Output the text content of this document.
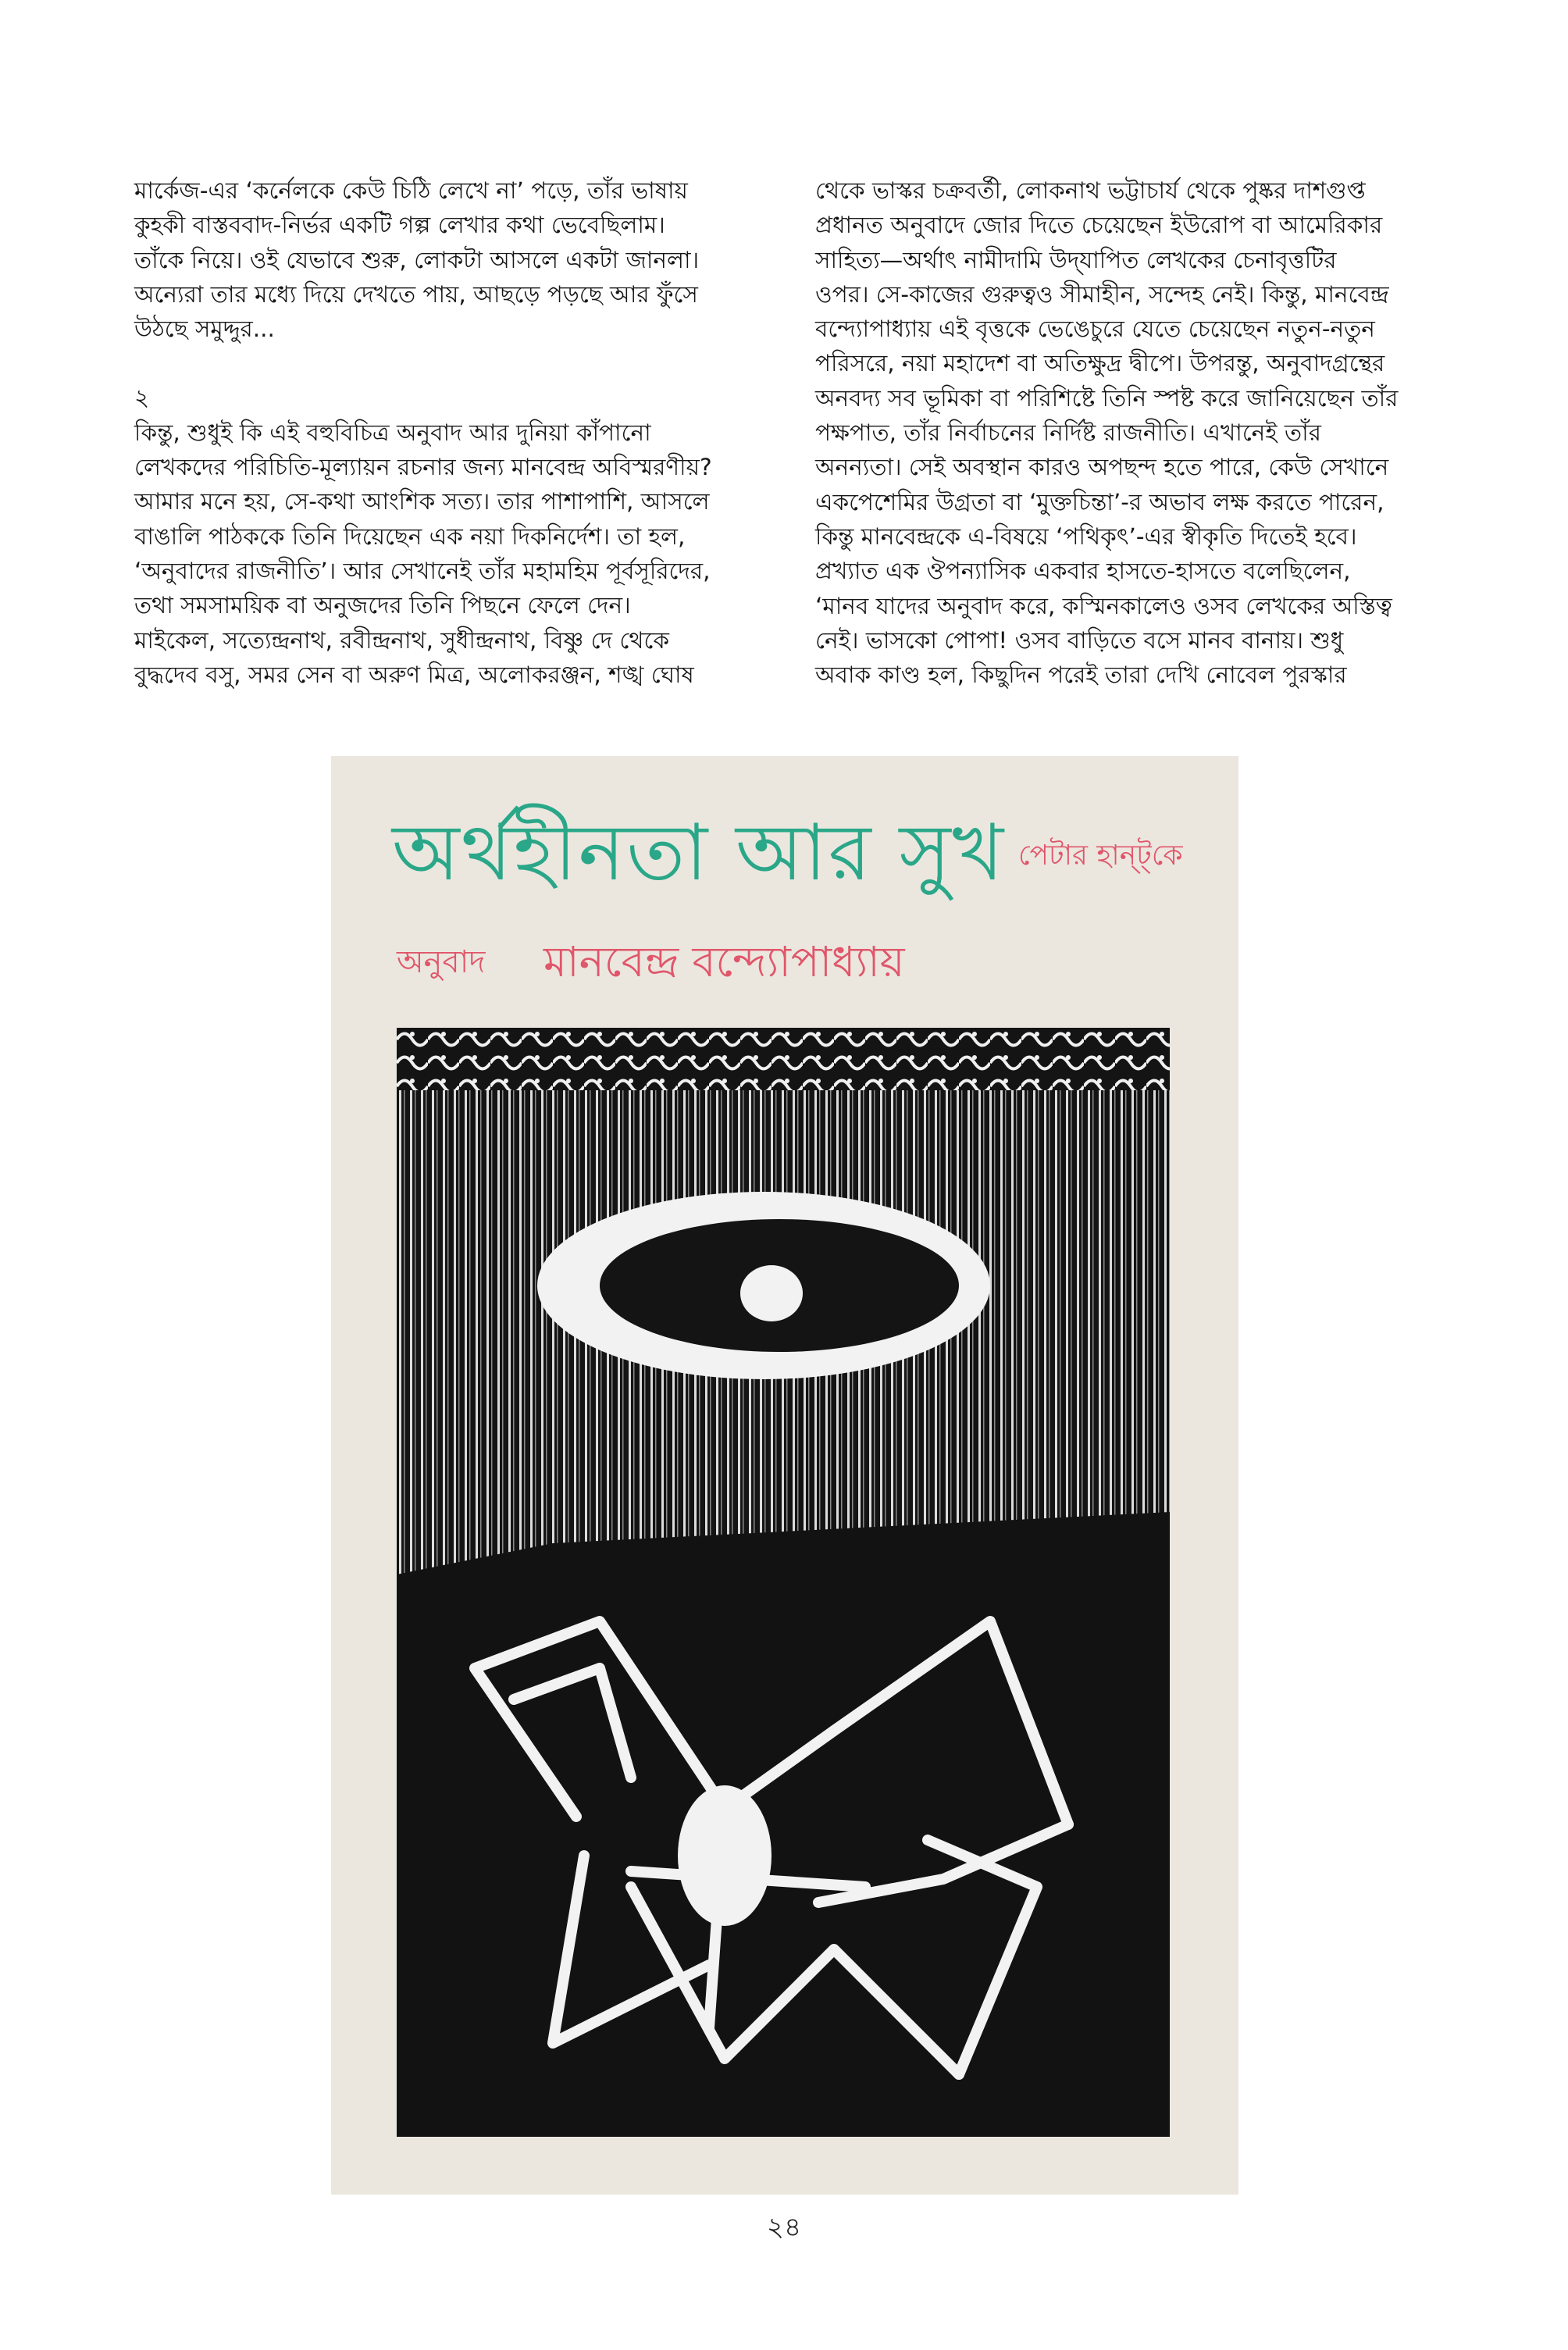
মার্কেজ-এর ‘কর্নেলকে কেউ চিঠি লেখে না’ পড়ে, তাঁর ভাষায়
কুহকী বাস্তববাদ-নির্ভর একটি গল্প লেখার কথা ভেবেছিলাম।
তাঁকে নিয়ে। ওই যেভাবে শুরু, লোকটা আসলে একটা জানলা।
অন্যেরা তার মধ্যে দিয়ে দেখতে পায়, আছড়ে পড়ছে আর ফুঁসে
উঠছে সমুদ্দুর...

২

কিন্তু, শুধুই কি এই বহুবিচিত্র অনুবাদ আর দুনিয়া কাঁপানো
লেখকদের পরিচিতি-মূল্যায়ন রচনার জন্য মানবেন্দ্র অবিস্মরণীয়?
আমার মনে হয়, সে-কথা আংশিক সত্য। তার পাশাপাশি, আসলে
বাঙালি পাঠককে তিনি দিয়েছেন এক নয়া দিকনির্দেশ। তা হল,
‘অনুবাদের রাজনীতি’। আর সেখানেই তাঁর মহামহিম পূর্বসূরিদের,
তথা সমসাময়িক বা অনুজদের তিনি পিছনে ফেলে দেন।
মাইকেল, সত্যেন্দ্রনাথ, রবীন্দ্রনাথ, সুধীন্দ্রনাথ, বিষ্ণু দে থেকে
বুদ্ধদেব বসু, সমর সেন বা অরুণ মিত্র, অলোকরঞ্জন, শঙ্খ ঘোষ

থেকে ভাস্কর চক্রবর্তী, লোকনাথ ভট্টাচার্য থেকে পুষ্কর দাশগুপ্ত
প্রধানত অনুবাদে জোর দিতে চেয়েছেন ইউরোপ বা আমেরিকার
সাহিত্য—অর্থাৎ নামীদামি উদ্‌যাপিত লেখকের চেনাবৃত্তটির
ওপর। সে-কাজের গুরুত্বও সীমাহীন, সন্দেহ নেই। কিন্তু, মানবেন্দ্র
বন্দ্যোপাধ্যায় এই বৃত্তকে ভেঙেচুরে যেতে চেয়েছেন নতুন-নতুন
পরিসরে, নয়া মহাদেশ বা অতিক্ষুদ্র দ্বীপে। উপরন্তু, অনুবাদগ্রন্থের
অনবদ্য সব ভূমিকা বা পরিশিষ্টে তিনি স্পষ্ট করে জানিয়েছেন তাঁর
পক্ষপাত, তাঁর নির্বাচনের নির্দিষ্ট রাজনীতি। এখানেই তাঁর
অনন্যতা। সেই অবস্থান কারও অপছন্দ হতে পারে, কেউ সেখানে
একপেশেমির উগ্রতা বা ‘মুক্তচিন্তা’-র অভাব লক্ষ করতে পারেন,
কিন্তু মানবেন্দ্রকে এ-বিষয়ে ‘পথিকৃৎ’-এর স্বীকৃতি দিতেই হবে।
প্রখ্যাত এক ঔপন্যাসিক একবার হাসতে-হাসতে বলেছিলেন,
‘মানব যাদের অনুবাদ করে, কস্মিনকালেও ওসব লেখকের অস্তিত্ব
নেই। ভাসকো পোপা! ওসব বাড়িতে বসে মানব বানায়। শুধু
অবাক কাণ্ড হল, কিছুদিন পরেই তারা দেখি নোবেল পুরস্কার

অর্থহীনতা আর সুখ পেটার হান্ট্‌কে
অনুবাদ মানবেন্দ্র বন্দ্যোপাধ্যায়
২৪
